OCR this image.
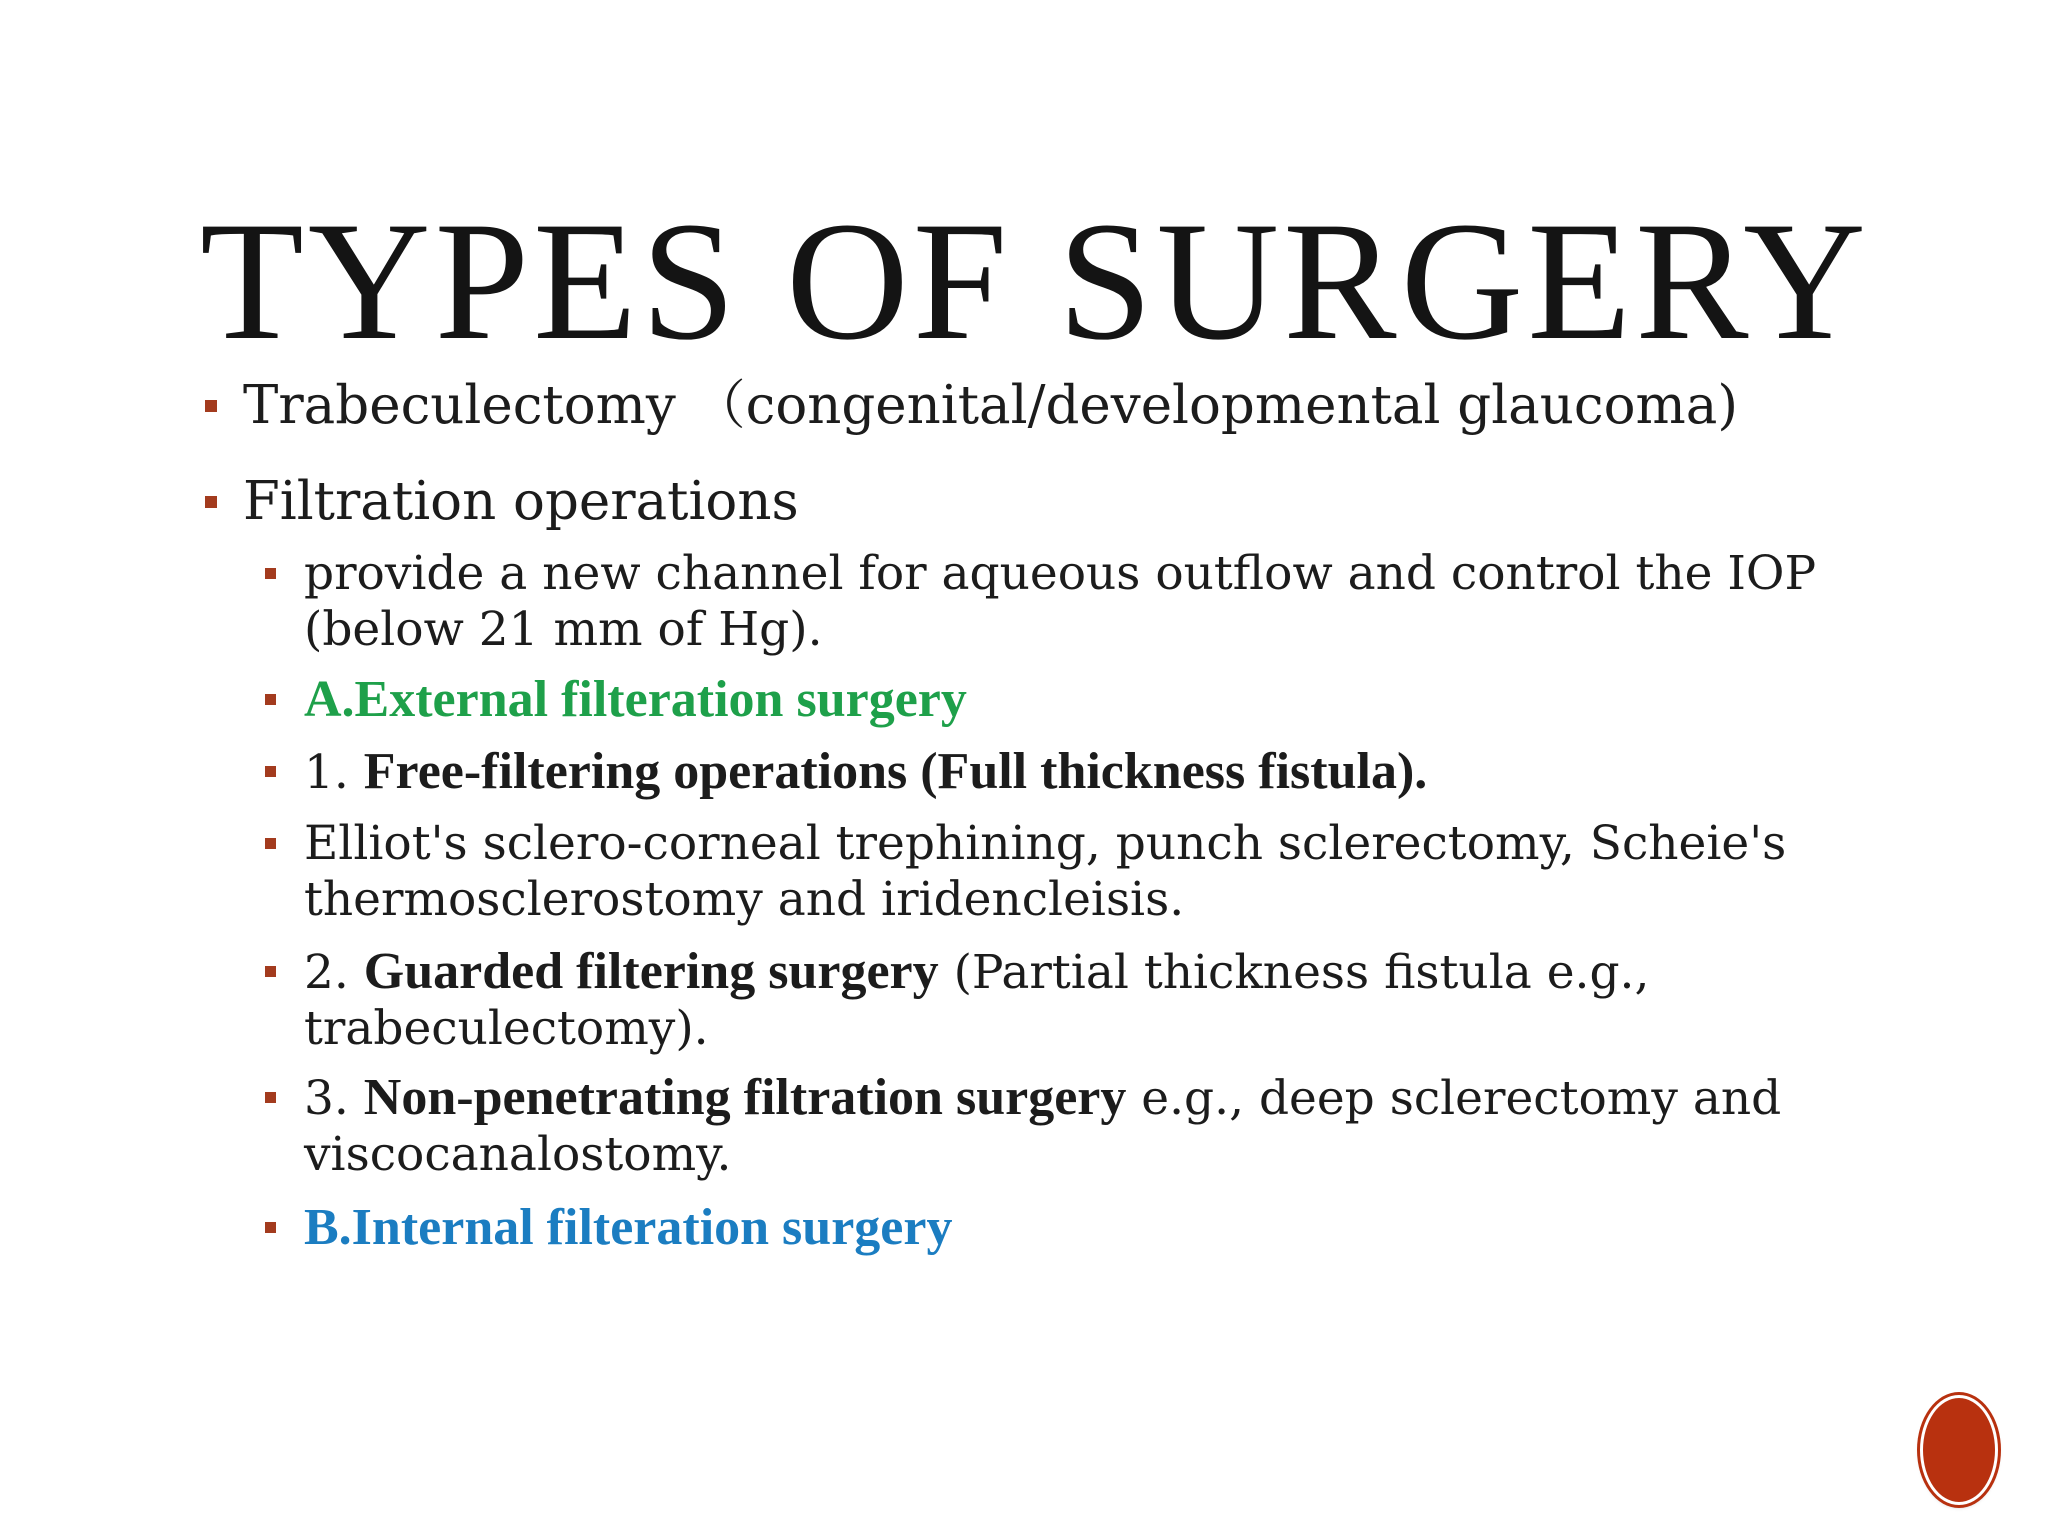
TYPES OF SURGERY

Trabeculectomy （congenital/developmental glaucoma)

Filtration operations

provide a new channel for aqueous outflow and control the IOP
(below 21 mm of Hg).

A.External filteration surgery

1. Free-filtering operations (Full thickness fistula).

Elliot's sclero-corneal trephining, punch sclerectomy, Scheie's
thermosclerostomy and iridencleisis.
2. Guarded filtering surgery (Partial thickness fistula e.g.,
trabeculectomy).
3. Non-penetrating filtration surgery e.g., deep sclerectomy and
viscocanalostomy.

B.Internal filteration surgery
